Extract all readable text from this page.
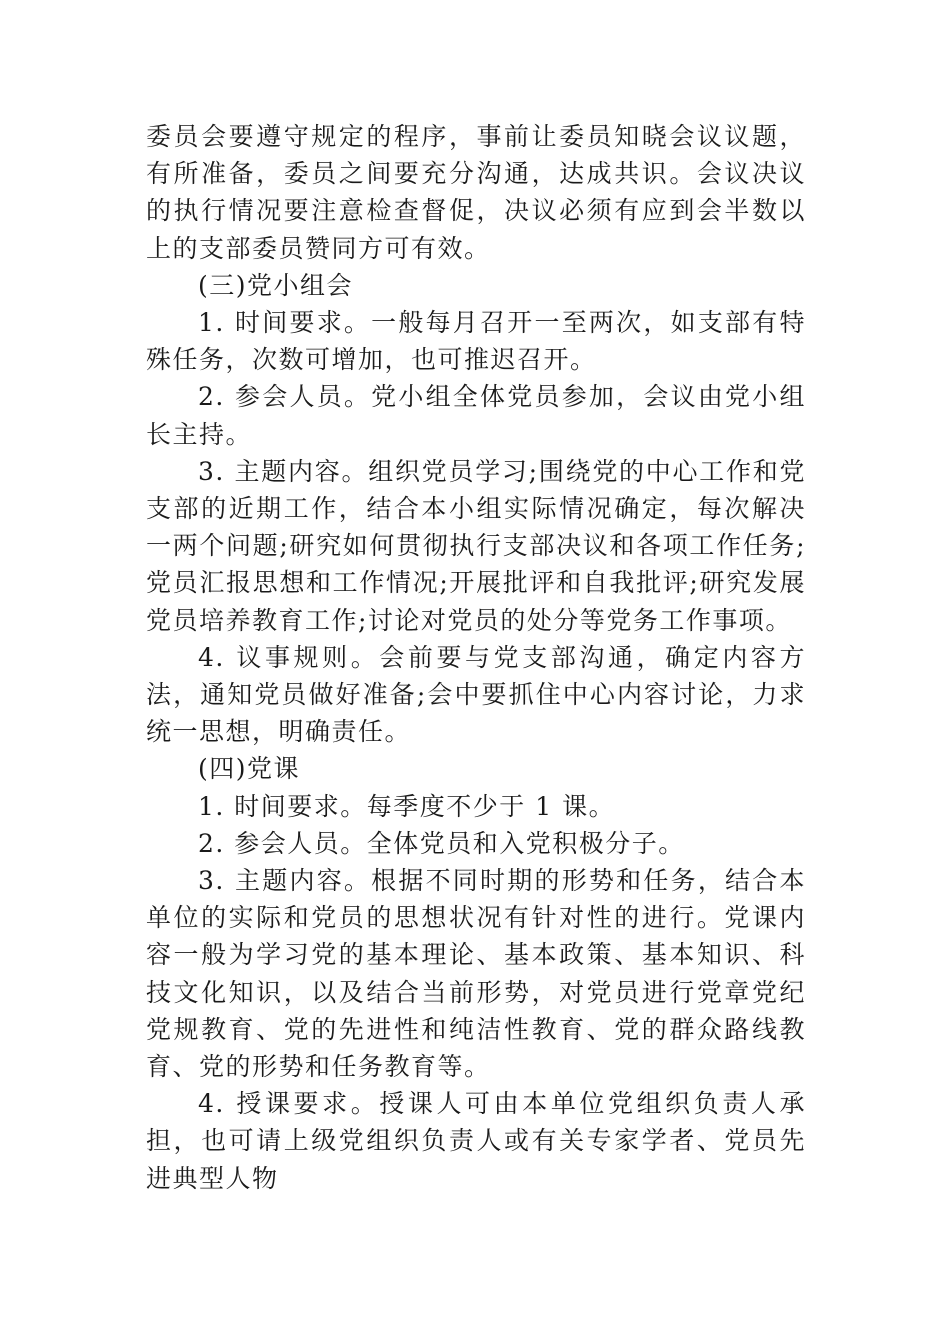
委员会要遵守规定的程序，事前让委员知晓会议议题，有所准备，委员之间要充分沟通，达成共识。会议决议的执行情况要注意检查督促，决议必须有应到会半数以上的支部委员赞同方可有效。

(三)党小组会

1. 时间要求。一般每月召开一至两次，如支部有特殊任务，次数可增加，也可推迟召开。

2. 参会人员。党小组全体党员参加，会议由党小组长主持。

3. 主题内容。组织党员学习;围绕党的中心工作和党支部的近期工作，结合本小组实际情况确定，每次解决一两个问题;研究如何贯彻执行支部决议和各项工作任务;党员汇报思想和工作情况;开展批评和自我批评;研究发展党员培养教育工作;讨论对党员的处分等党务工作事项。

4. 议事规则。会前要与党支部沟通，确定内容方法，通知党员做好准备;会中要抓住中心内容讨论，力求统一思想，明确责任。

(四)党课

1. 时间要求。每季度不少于 1 课。

2. 参会人员。全体党员和入党积极分子。

3. 主题内容。根据不同时期的形势和任务，结合本单位的实际和党员的思想状况有针对性的进行。党课内容一般为学习党的基本理论、基本政策、基本知识、科技文化知识，以及结合当前形势，对党员进行党章党纪党规教育、党的先进性和纯洁性教育、党的群众路线教育、党的形势和任务教育等。

4. 授课要求。授课人可由本单位党组织负责人承担，也可请上级党组织负责人或有关专家学者、党员先进典型人物
